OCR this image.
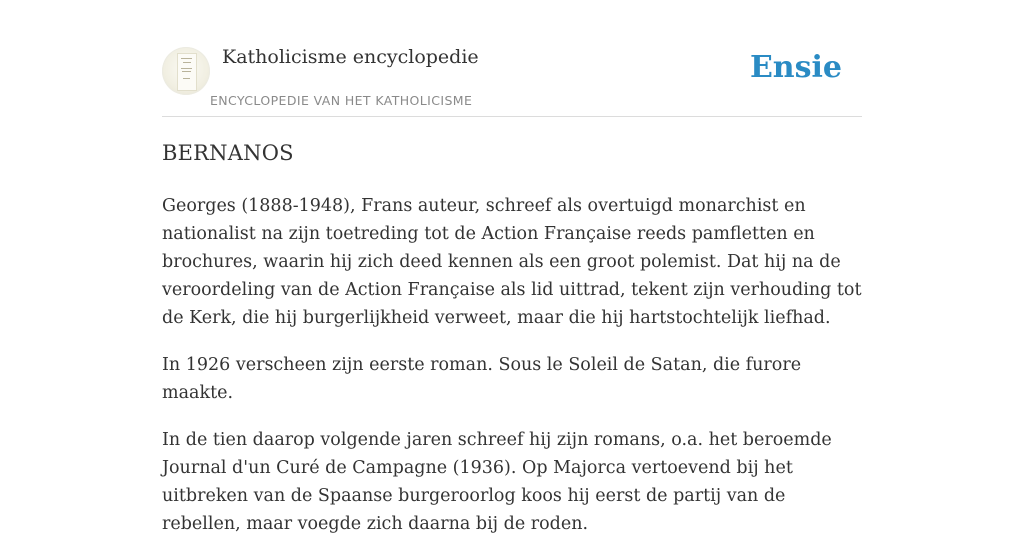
Katholicisme encyclopedie
ENCYCLOPEDIE VAN HET KATHOLICISME
Ensie
BERNANOS

Georges (1888-1948), Frans auteur, schreef als overtuigd monarchist en nationalist na zijn toetreding tot de Action Française reeds pamfletten en brochures, waarin hij zich deed kennen als een groot polemist. Dat hij na de veroordeling van de Action Française als lid uittrad, tekent zijn verhouding tot de Kerk, die hij burgerlijkheid verweet, maar die hij hartstochtelijk liefhad.

In 1926 verscheen zijn eerste roman. Sous le Soleil de Satan, die furore maakte.

In de tien daarop volgende jaren schreef hij zijn romans, o.a. het beroemde Journal d'un Curé de Campagne (1936). Op Majorca vertoevend bij het uitbreken van de Spaanse burgeroorlog koos hij eerst de partij van de rebellen, maar voegde zich daarna bij de roden.
